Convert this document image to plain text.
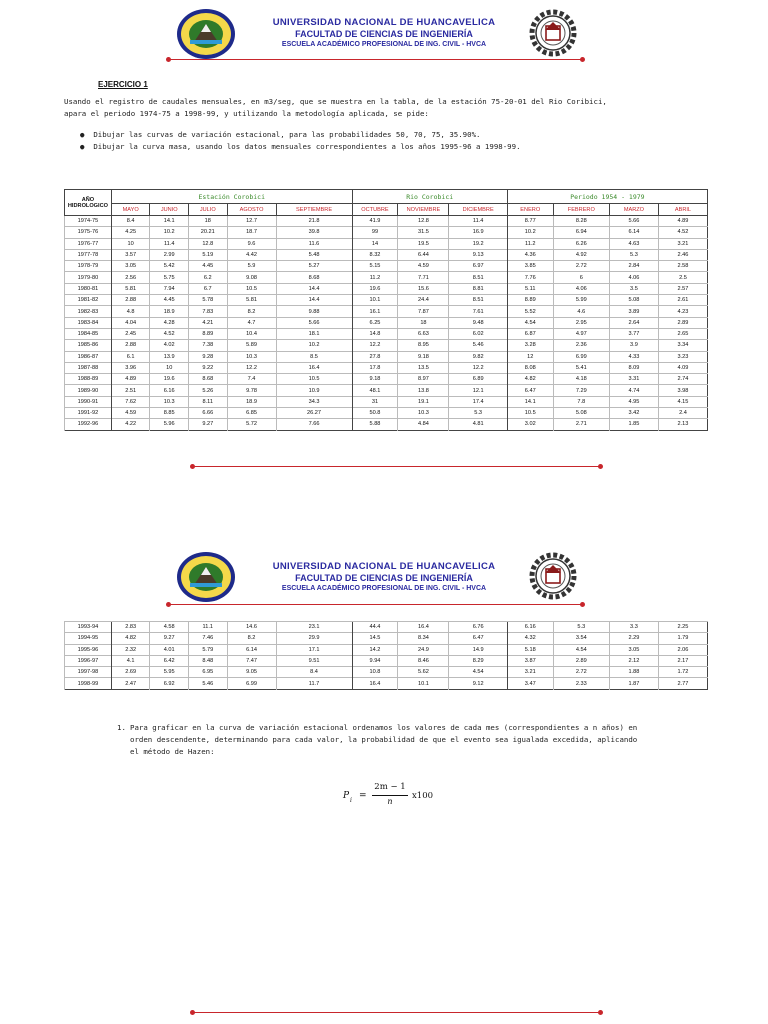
UNIVERSIDAD NACIONAL DE HUANCAVELICA
FACULTAD DE CIENCIAS DE INGENIERÍA
ESCUELA ACADÉMICO PROFESIONAL DE ING. CIVIL - HVCA
EJERCICIO 1
Usando el registro de caudales mensuales, en m3/seg, que se muestra en la tabla, de la estación 75-20-01 del Rio Coribici,
apara el periodo 1974-75 a 1998-99, y utilizando la metodología aplicada, se pide:
●  Dibujar las curvas de variación estacional, para las probabilidades 50, 70, 75, 35.90%.
●  Dibujar la curva masa, usando los datos mensuales correspondientes a los años 1995-96 a 1998-99.
AÑO
HIDROLOGICO	Estación Corobici					Rio Corobici			Periodo 1954 - 1979			
	MAYO	JUNIO	JULIO	AGOSTO	SEPTIEMBRE	OCTUBRE	NOVIEMBRE	DICIEMBRE	ENERO	FEBRERO	MARZO	ABRIL
1974-75	8.4	14.1	18	12.7	21.8	41.9	12.8	11.4	8.77	8.28	5.66	4.89
1975-76	4.25	10.2	20.21	18.7	39.8	99	31.5	16.9	10.2	6.94	6.14	4.52
1976-77	10	11.4	12.8	9.6	11.6	14	19.5	19.2	11.2	6.26	4.63	3.21
1977-78	3.57	2.99	5.19	4.42	5.48	8.32	6.44	9.13	4.36	4.92	5.3	2.46
1978-79	3.05	5.42	4.45	5.9	5.27	5.15	4.59	6.97	3.85	2.72	2.84	2.58
1979-80	2.56	5.75	6.2	9.08	8.68	11.2	7.71	8.51	7.76	6	4.06	2.5
1980-81	5.81	7.94	6.7	10.5	14.4	19.6	15.6	8.81	5.11	4.06	3.5	2.57
1981-82	2.88	4.45	5.78	5.81	14.4	10.1	24.4	8.51	8.89	5.99	5.08	2.61
1982-83	4.8	18.9	7.83	8.2	9.88	16.1	7.87	7.61	5.52	4.6	3.89	4.23
1983-84	4.04	4.28	4.21	4.7	5.66	6.25	18	9.48	4.54	2.95	2.64	2.89
1984-85	2.45	4.52	8.89	10.4	18.1	14.8	6.63	6.02	6.87	4.97	3.77	2.65
1985-86	2.88	4.02	7.38	5.89	10.2	12.2	8.95	5.46	3.28	2.36	3.9	3.34
1986-87	6.1	13.9	9.28	10.3	8.5	27.8	9.18	9.82	12	6.99	4.33	3.23
1987-88	3.96	10	9.22	12.2	16.4	17.8	13.5	12.2	8.08	5.41	8.09	4.09
1988-89	4.89	19.6	8.68	7.4	10.5	9.18	8.97	6.89	4.82	4.18	3.31	2.74
1989-90	2.51	6.16	5.26	9.78	10.9	48.1	13.8	12.1	6.47	7.29	4.74	3.98
1990-91	7.62	10.3	8.11	18.9	34.3	31	19.1	17.4	14.1	7.8	4.95	4.15
1991-92	4.59	8.85	6.66	6.85	26.27	50.8	10.3	5.3	10.5	5.08	3.42	2.4
1992-96	4.22	5.96	9.27	5.72	7.66	5.88	4.84	4.81	3.02	2.71	1.85	2.13
UNIVERSIDAD NACIONAL DE HUANCAVELICA
FACULTAD DE CIENCIAS DE INGENIERÍA
ESCUELA ACADÉMICO PROFESIONAL DE ING. CIVIL - HVCA
1993-94	2.83	4.58	11.1	14.6	23.1	44.4	16.4	6.76	6.16	5.3	3.3	2.25
1994-95	4.82	9.27	7.46	8.2	29.9	14.5	8.34	6.47	4.32	3.54	2.29	1.79
1995-96	2.32	4.01	5.79	6.14	17.1	14.2	24.9	14.9	5.18	4.54	3.05	2.06
1996-97	4.1	6.42	8.48	7.47	9.51	9.94	8.46	8.29	3.87	2.89	2.12	2.17
1997-98	2.69	5.95	6.95	9.05	8.4	10.8	5.62	4.54	3.21	2.72	1.88	1.72
1998-99	2.47	6.92	5.46	6.99	11.7	16.4	10.1	9.12	3.47	2.33	1.87	2.77
1. Para graficar en la curva de variación estacional ordenamos los valores de cada mes (correspondientes a n años) en
orden descendente, determinando para cada valor, la probabilidad de que el evento sea igualada excedida, aplicando
el método de Hazen:
P i =
2m − 1
n
x100
